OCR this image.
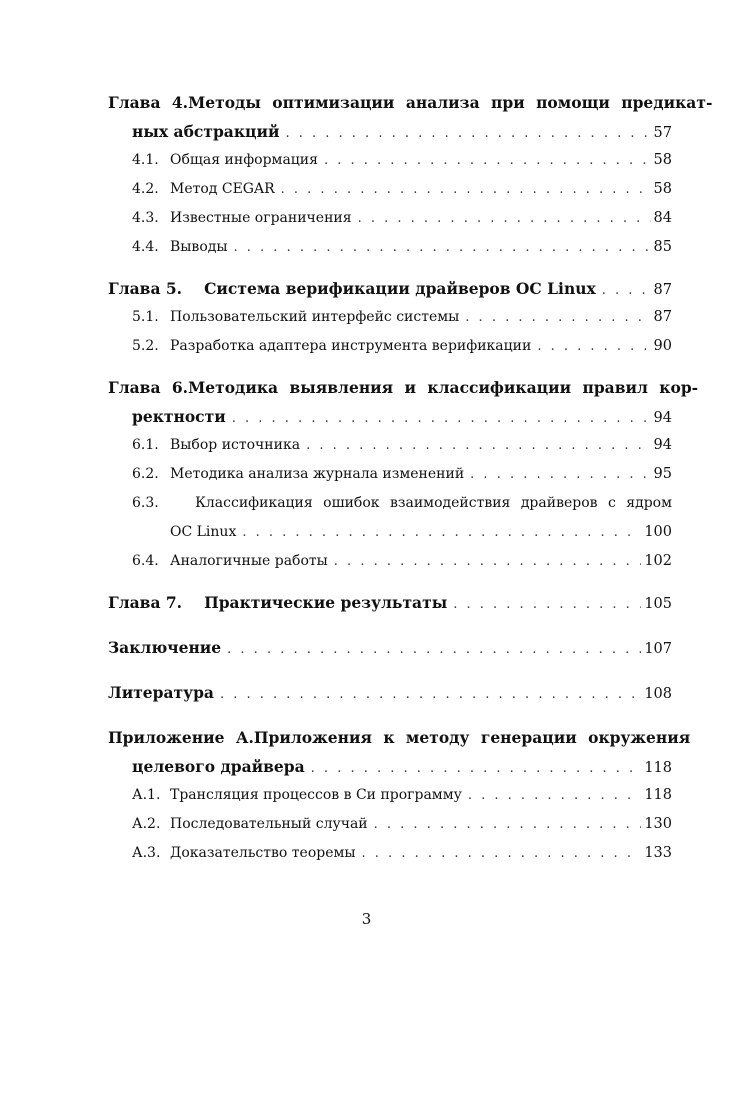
Глава 4. Методы оптимизации анализа при помощи предикат-
ных абстракций . . .	57
4.1. Общая информация . . .	58
4.2. Метод CEGAR . . .	58
4.3. Известные ограничения . . .	84
4.4. Выводы . . .	85
Глава 5. Система верификации драйверов ОС Linux . . .	87
5.1. Пользовательский интерфейс системы . . .	87
5.2. Разработка адаптера инструмента верификации . . .	90
Глава 6. Методика выявления и классификации правил кор-
ректности . . .	94
6.1. Выбор источника . . .	94
6.2. Методика анализа журнала изменений . . .	95
6.3.	Классификация ошибок взаимодействия драйверов с ядром
ОС Linux . . .	100
6.4. Аналогичные работы . . .	102
Глава 7. Практические результаты . . .	105
Заключение . . .	107
Литература . . .	108
Приложение А. Приложения к методу генерации окружения
целевого драйвера . . .	118
А.1. Трансляция процессов в Си программу . . .	118
А.2. Последовательный случай . . .	130
А.3. Доказательство теоремы . . .	133
3
